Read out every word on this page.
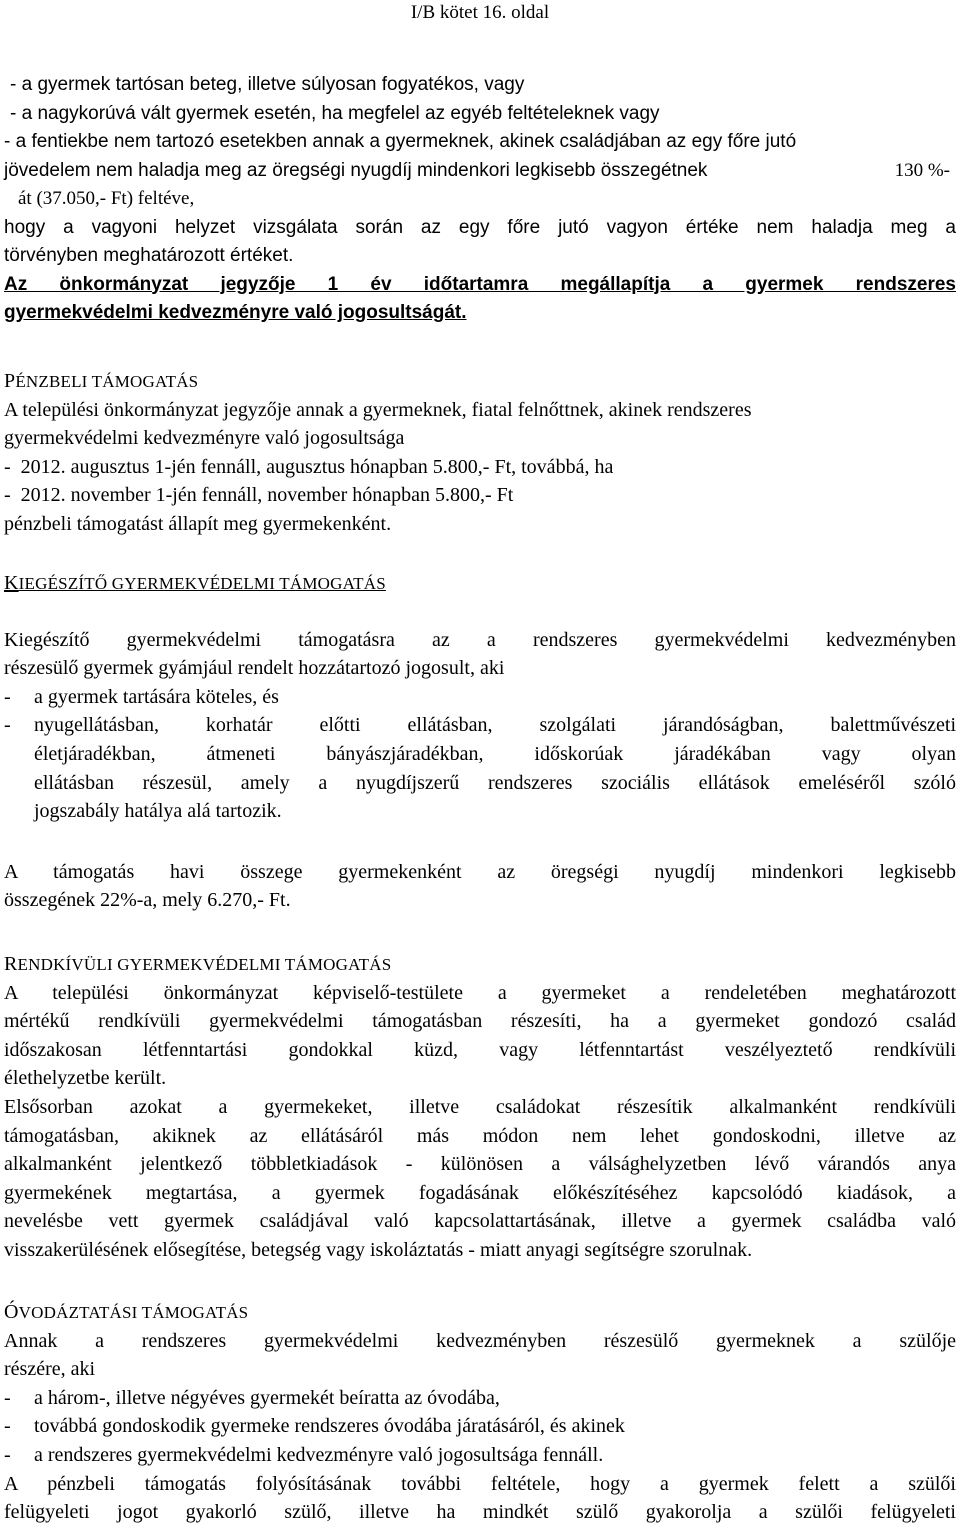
I/B kötet 16. oldal
- a gyermek tartósan beteg, illetve súlyosan fogyatékos, vagy
- a nagykorúvá vált gyermek esetén, ha megfelel az egyéb feltételeknek vagy
- a fentiekbe nem tartozó esetekben annak a gyermeknek, akinek családjában az egy főre jutó
jövedelem nem haladja meg az öregségi nyugdíj mindenkori legkisebb összegétnek	130 %-
át (37.050,- Ft) feltéve,
hogy a vagyoni helyzet vizsgálata során az egy főre jutó vagyon értéke nem haladja meg a
törvényben meghatározott értéket.
Az önkormányzat jegyzője 1 év időtartamra megállapítja a gyermek rendszeres
gyermekvédelmi kedvezményre való jogosultságát.
PÉNZBELI TÁMOGATÁS
A települési önkormányzat jegyzője annak a gyermeknek, fiatal felnőttnek, akinek rendszeres
gyermekvédelmi kedvezményre való jogosultsága
-  2012. augusztus 1-jén fennáll, augusztus hónapban 5.800,- Ft, továbbá, ha
-  2012. november 1-jén fennáll, november hónapban 5.800,- Ft
pénzbeli támogatást állapít meg gyermekenként.
KIEGÉSZÍTŐ GYERMEKVÉDELMI TÁMOGATÁS
Kiegészítő gyermekvédelmi támogatásra az a rendszeres gyermekvédelmi kedvezményben
részesülő gyermek gyámjául rendelt hozzátartozó jogosult, aki
- a gyermek tartására köteles, és
- nyugellátásban, korhatár előtti ellátásban, szolgálati járandóságban, balettművészeti
életjáradékban, átmeneti bányászjáradékban, időskorúak járadékában vagy olyan
ellátásban részesül, amely a nyugdíjszerű rendszeres szociális ellátások emeléséről szóló
jogszabály hatálya alá tartozik.
A támogatás havi összege gyermekenként az öregségi nyugdíj mindenkori legkisebb
összegének 22%-a, mely 6.270,- Ft.
RENDKÍVÜLI GYERMEKVÉDELMI TÁMOGATÁS
A települési önkormányzat képviselő-testülete a gyermeket a rendeletében meghatározott
mértékű rendkívüli gyermekvédelmi támogatásban részesíti, ha a gyermeket gondozó család
időszakosan létfenntartási gondokkal küzd, vagy létfenntartást veszélyeztető rendkívüli
élethelyzetbe került.
Elsősorban azokat a gyermekeket, illetve családokat részesítik alkalmanként rendkívüli
támogatásban, akiknek az ellátásáról más módon nem lehet gondoskodni, illetve az
alkalmanként jelentkező többletkiadások - különösen a válsághelyzetben lévő várandós anya
gyermekének megtartása, a gyermek fogadásának előkészítéséhez kapcsolódó kiadások, a
nevelésbe vett gyermek családjával való kapcsolattartásának, illetve a gyermek családba való
visszakerülésének elősegítése, betegség vagy iskoláztatás - miatt anyagi segítségre szorulnak.
ÓVODÁZTATÁSI TÁMOGATÁS
Annak a rendszeres gyermekvédelmi kedvezményben részesülő gyermeknek a szülője
részére, aki
- a három-, illetve négyéves gyermekét beíratta az óvodába,
- továbbá gondoskodik gyermeke rendszeres óvodába járatásáról, és akinek
- a rendszeres gyermekvédelmi kedvezményre való jogosultsága fennáll.
A pénzbeli támogatás folyósításának további feltétele, hogy a gyermek felett a szülői
felügyeleti jogot gyakorló szülő, illetve ha mindkét szülő gyakorolja a szülői felügyeleti
